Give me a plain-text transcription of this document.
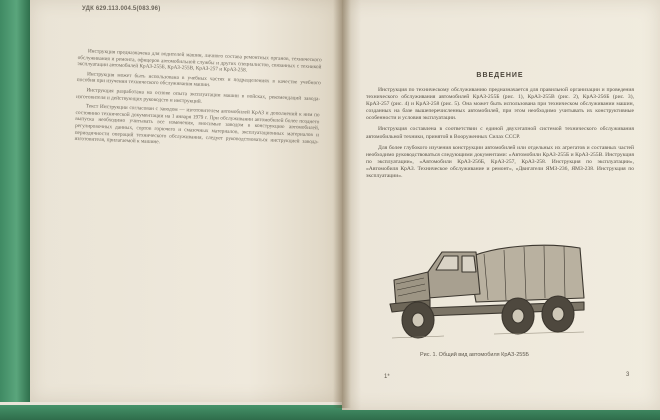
УДК 629.113.004.5(083.96)

Инструкция предназначена для водителей машин, личного состава ремонтных органов, технического обслуживания и ремонта, офицеров автомобильной службы и других специалистов, связанных с техникой эксплуатации автомобилей КрАЗ-255Б, КрАЗ-255В, КрАЗ-257 и КрАЗ-258.

Инструкция может быть использована в учебных частях и подразделениях в качестве учебного пособия при изучении технического обслуживания машин.

Инструкция разработана на основе опыта эксплуатации машин в войсках, рекомендаций завода-изготовителя и действующих руководств и инструкций.

Текст Инструкции согласован с заводом — изготовителем автомобилей КрАЗ и дополнений к ним по состоянию технической документации на 1 января 1979 г. При обслуживании автомобилей более позднего выпуска необходимо учитывать все изменения, вносимые заводом в конструкцию автомобилей, регулировочных данных, сортов горючего и смазочных материалов, эксплуатационных материалов и периодичности операций технического обслуживания, следует руководствоваться инструкцией завода-изготовителя, прилагаемой к машине.

ВВЕДЕНИЕ

Инструкция по техническому обслуживанию предназначается для правильной организации и проведения технического обслуживания автомобилей КрАЗ-255Б (рис. 1), КрАЗ-255В (рис. 2), КрАЗ-256Б (рис. 3), КрАЗ-257 (рис. 4) и КрАЗ-258 (рис. 5). Она может быть использована при техническом обслуживании машин, созданных на базе вышеперечисленных автомобилей, при этом необходимо учитывать их конструктивные особенности и условия эксплуатации.

Инструкция составлена в соответствии с единой двухэтапной системой технического обслуживания автомобильной техники, принятой в Вооруженных Силах СССР.

Для более глубокого изучения конструкции автомобилей или отдельных их агрегатов и составных частей необходимо руководствоваться следующими документами: «Автомобили КрАЗ-255Б и КрАЗ-255В. Инструкция по эксплуатации», «Автомобили КрАЗ-256Б, КрАЗ-257, КрАЗ-258. Инструкция по эксплуатации», «Автомобиля КрАЗ. Техническое обслуживание и ремонт», «Двигатели ЯМЗ-236, ЯМЗ-238. Инструкция по эксплуатации».

Рис. 1. Общий вид автомобиля КрАЗ-255Б
1*	3
